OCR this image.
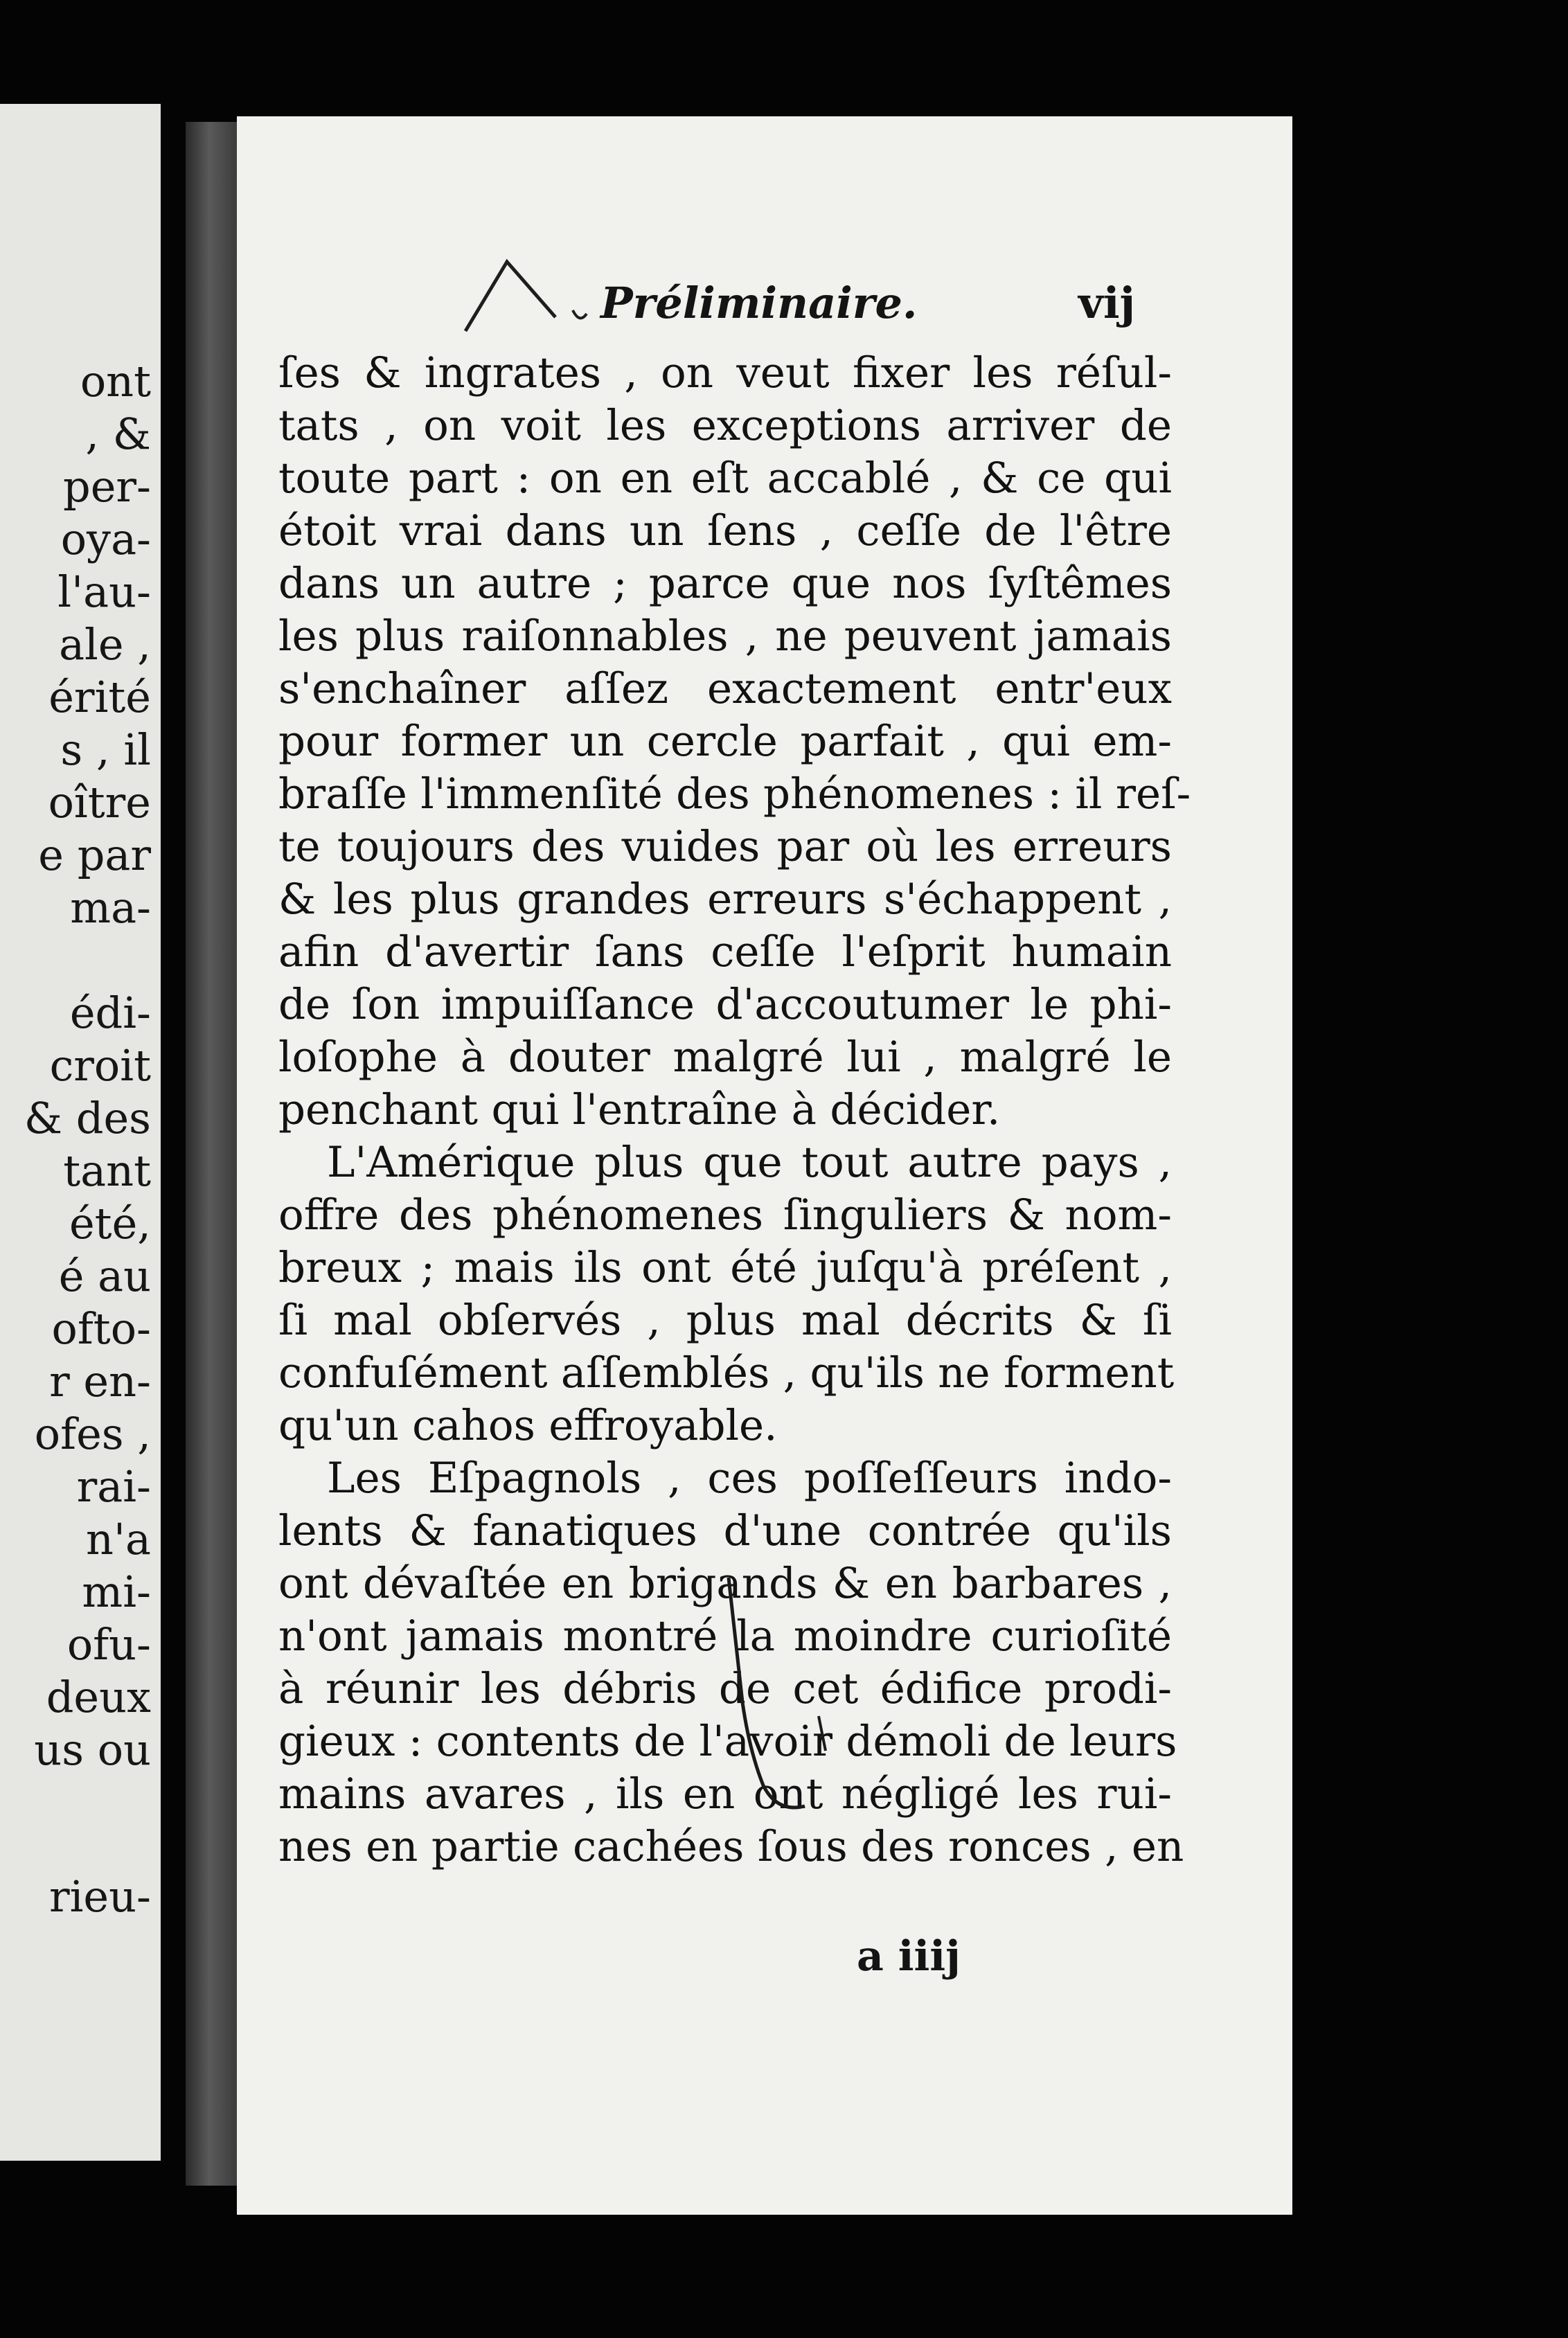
ont

, &

per-

oya-

l'au-

ale ,

érité

s , il

oître

e par

ma-

édi-

croit

& des

tant

été,

é au

ofto-

r en-

ofes ,

rai-

n'a

mi-

ofu-

deux

us ou

rieu-

Préliminaire.	vij

ſes & ingrates , on veut fixer les réſul-

tats , on voit les exceptions arriver de

toute part : on en eſt accablé , & ce qui

étoit vrai dans un ſens , ceſſe de l'être

dans un autre ; parce que nos ſyſtêmes

les plus raiſonnables , ne peuvent jamais

s'enchaîner aſſez exactement entr'eux

pour former un cercle parfait , qui em-

braſſe l'immenſité des phénomenes : il reſ-

te toujours des vuides par où les erreurs

& les plus grandes erreurs s'échappent ,

afin d'avertir ſans ceſſe l'eſprit humain

de ſon impuiſſance d'accoutumer le phi-

loſophe à douter malgré lui , malgré le

penchant qui l'entraîne à décider.

L'Amérique plus que tout autre pays ,

offre des phénomenes ſinguliers & nom-

breux ; mais ils ont été juſqu'à préſent ,

ſi mal obſervés , plus mal décrits & ſi

confuſément aſſemblés , qu'ils ne forment

qu'un cahos effroyable.

Les Eſpagnols , ces poſſeſſeurs indo-

lents & fanatiques d'une contrée qu'ils

ont dévaſtée en brigands & en barbares ,

n'ont jamais montré la moindre curioſité

à réunir les débris de cet édifice prodi-

gieux : contents de l'avoir démoli de leurs

mains avares , ils en ont négligé les rui-

nes en partie cachées ſous des ronces , en

a iiij
